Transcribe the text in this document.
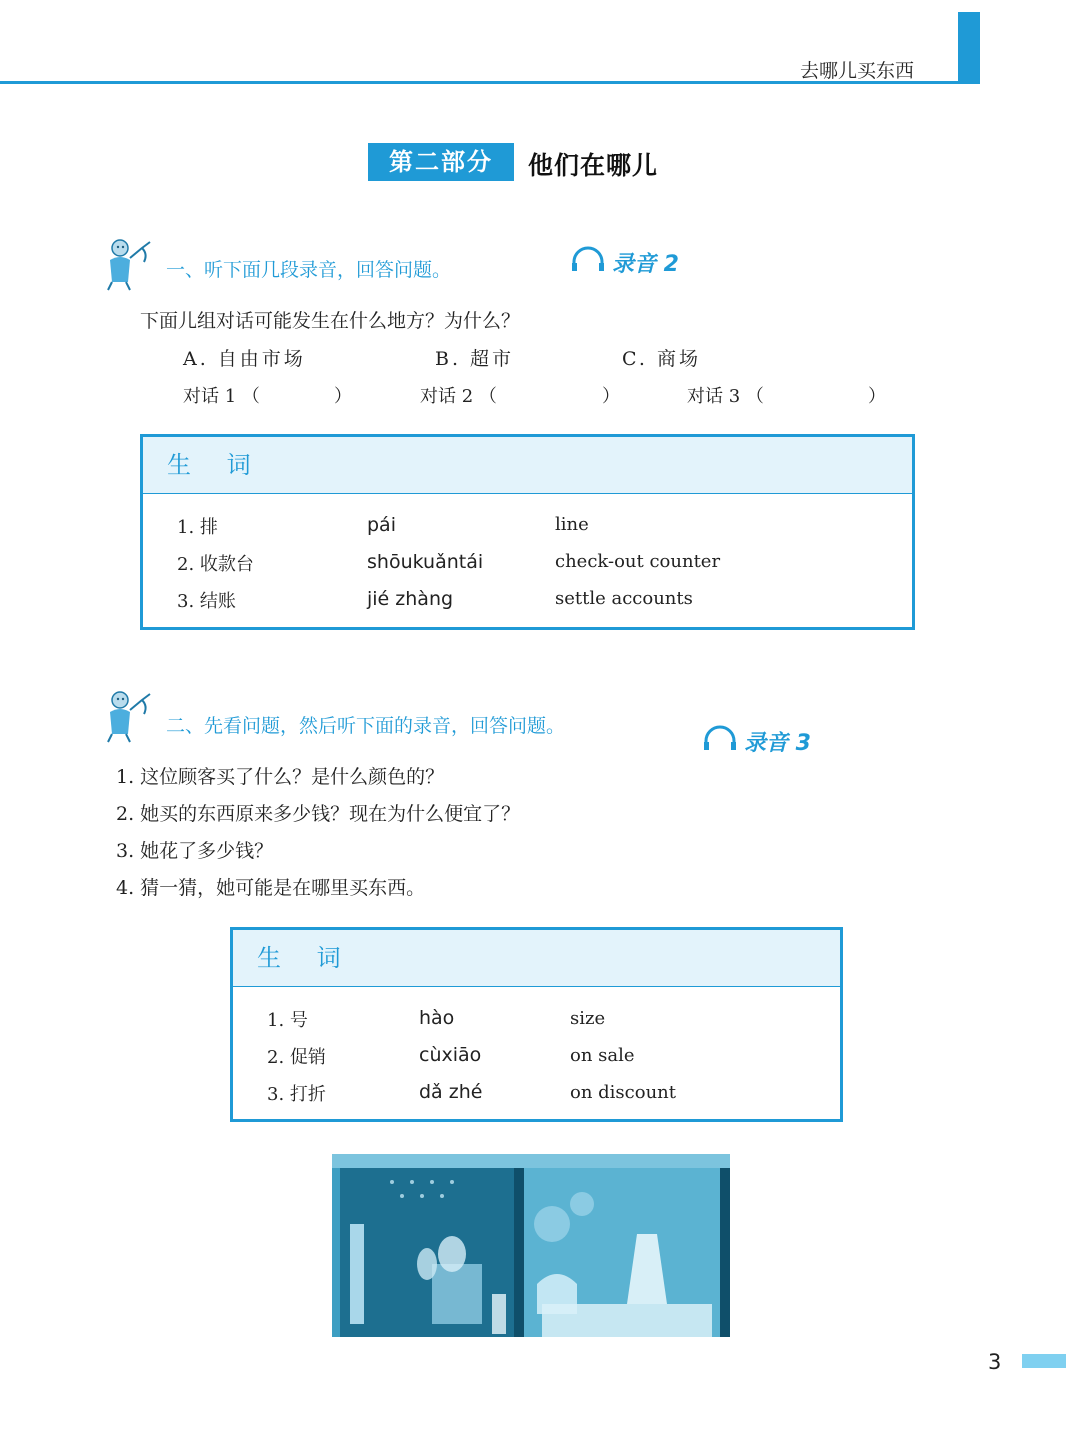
去哪儿买东西
第二部分	他们在哪儿
一、听下面几段录音，回答问题。	录音 2
下面儿组对话可能发生在什么地方？为什么？
A. 自由市场	B. 超市	C. 商场
对话 1 （	）	对话 2 （	）	对话 3 （	）
生 词
1. 排	pái	line
2. 收款台	shōukuǎntái	check-out counter
3. 结账	jié zhàng	settle accounts
二、先看问题，然后听下面的录音，回答问题。
录音 3
1. 这位顾客买了什么？是什么颜色的？
2. 她买的东西原来多少钱？现在为什么便宜了？
3. 她花了多少钱？
4. 猜一猜，她可能是在哪里买东西。
生 词
1. 号	hào	size
2. 促销	cùxiāo	on sale
3. 打折	dǎ zhé	on discount
3
